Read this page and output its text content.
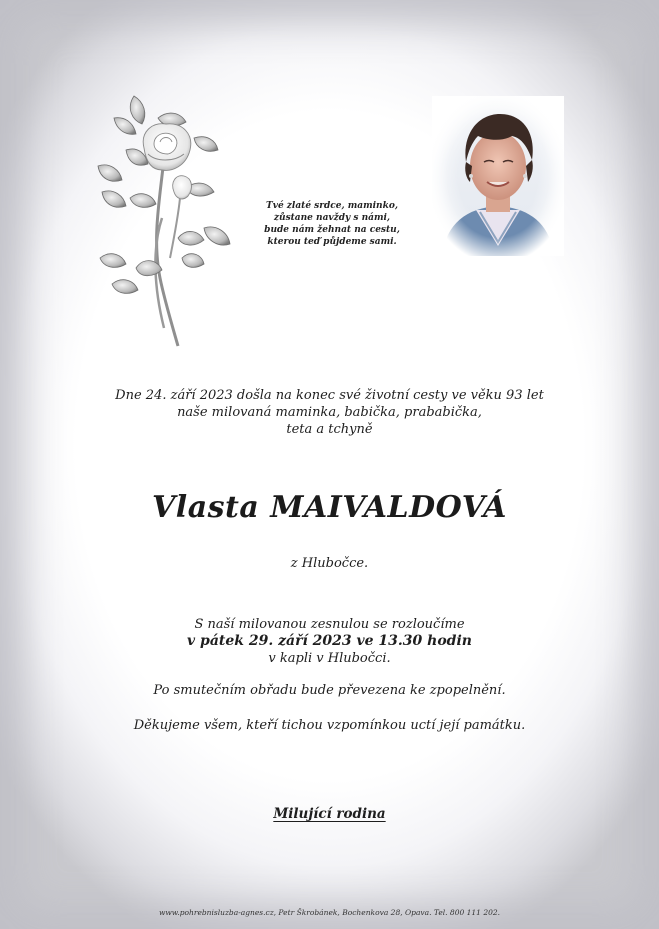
Tvé zlaté srdce, maminko,
zůstane navždy s námi,
bude nám žehnat na cestu,
kterou teď půjdeme sami.
Dne 24. září 2023 došla na konec své životní cesty ve věku 93 let
naše milovaná maminka, babička, prababička,
teta a tchyně
Vlasta MAIVALDOVÁ
z Hlubočce.
S naší milovanou zesnulou se rozloučíme
v pátek 29. září 2023 ve 13.30 hodin
v kapli v Hlubočci.
Po smutečním obřadu bude převezena ke zpopelnění.
Děkujeme všem, kteří tichou vzpomínkou uctí její památku.
Milující rodina
www.pohrebnisluzba-agnes.cz, Petr Škrobánek, Bochenkova 28, Opava. Tel. 800 111 202.
